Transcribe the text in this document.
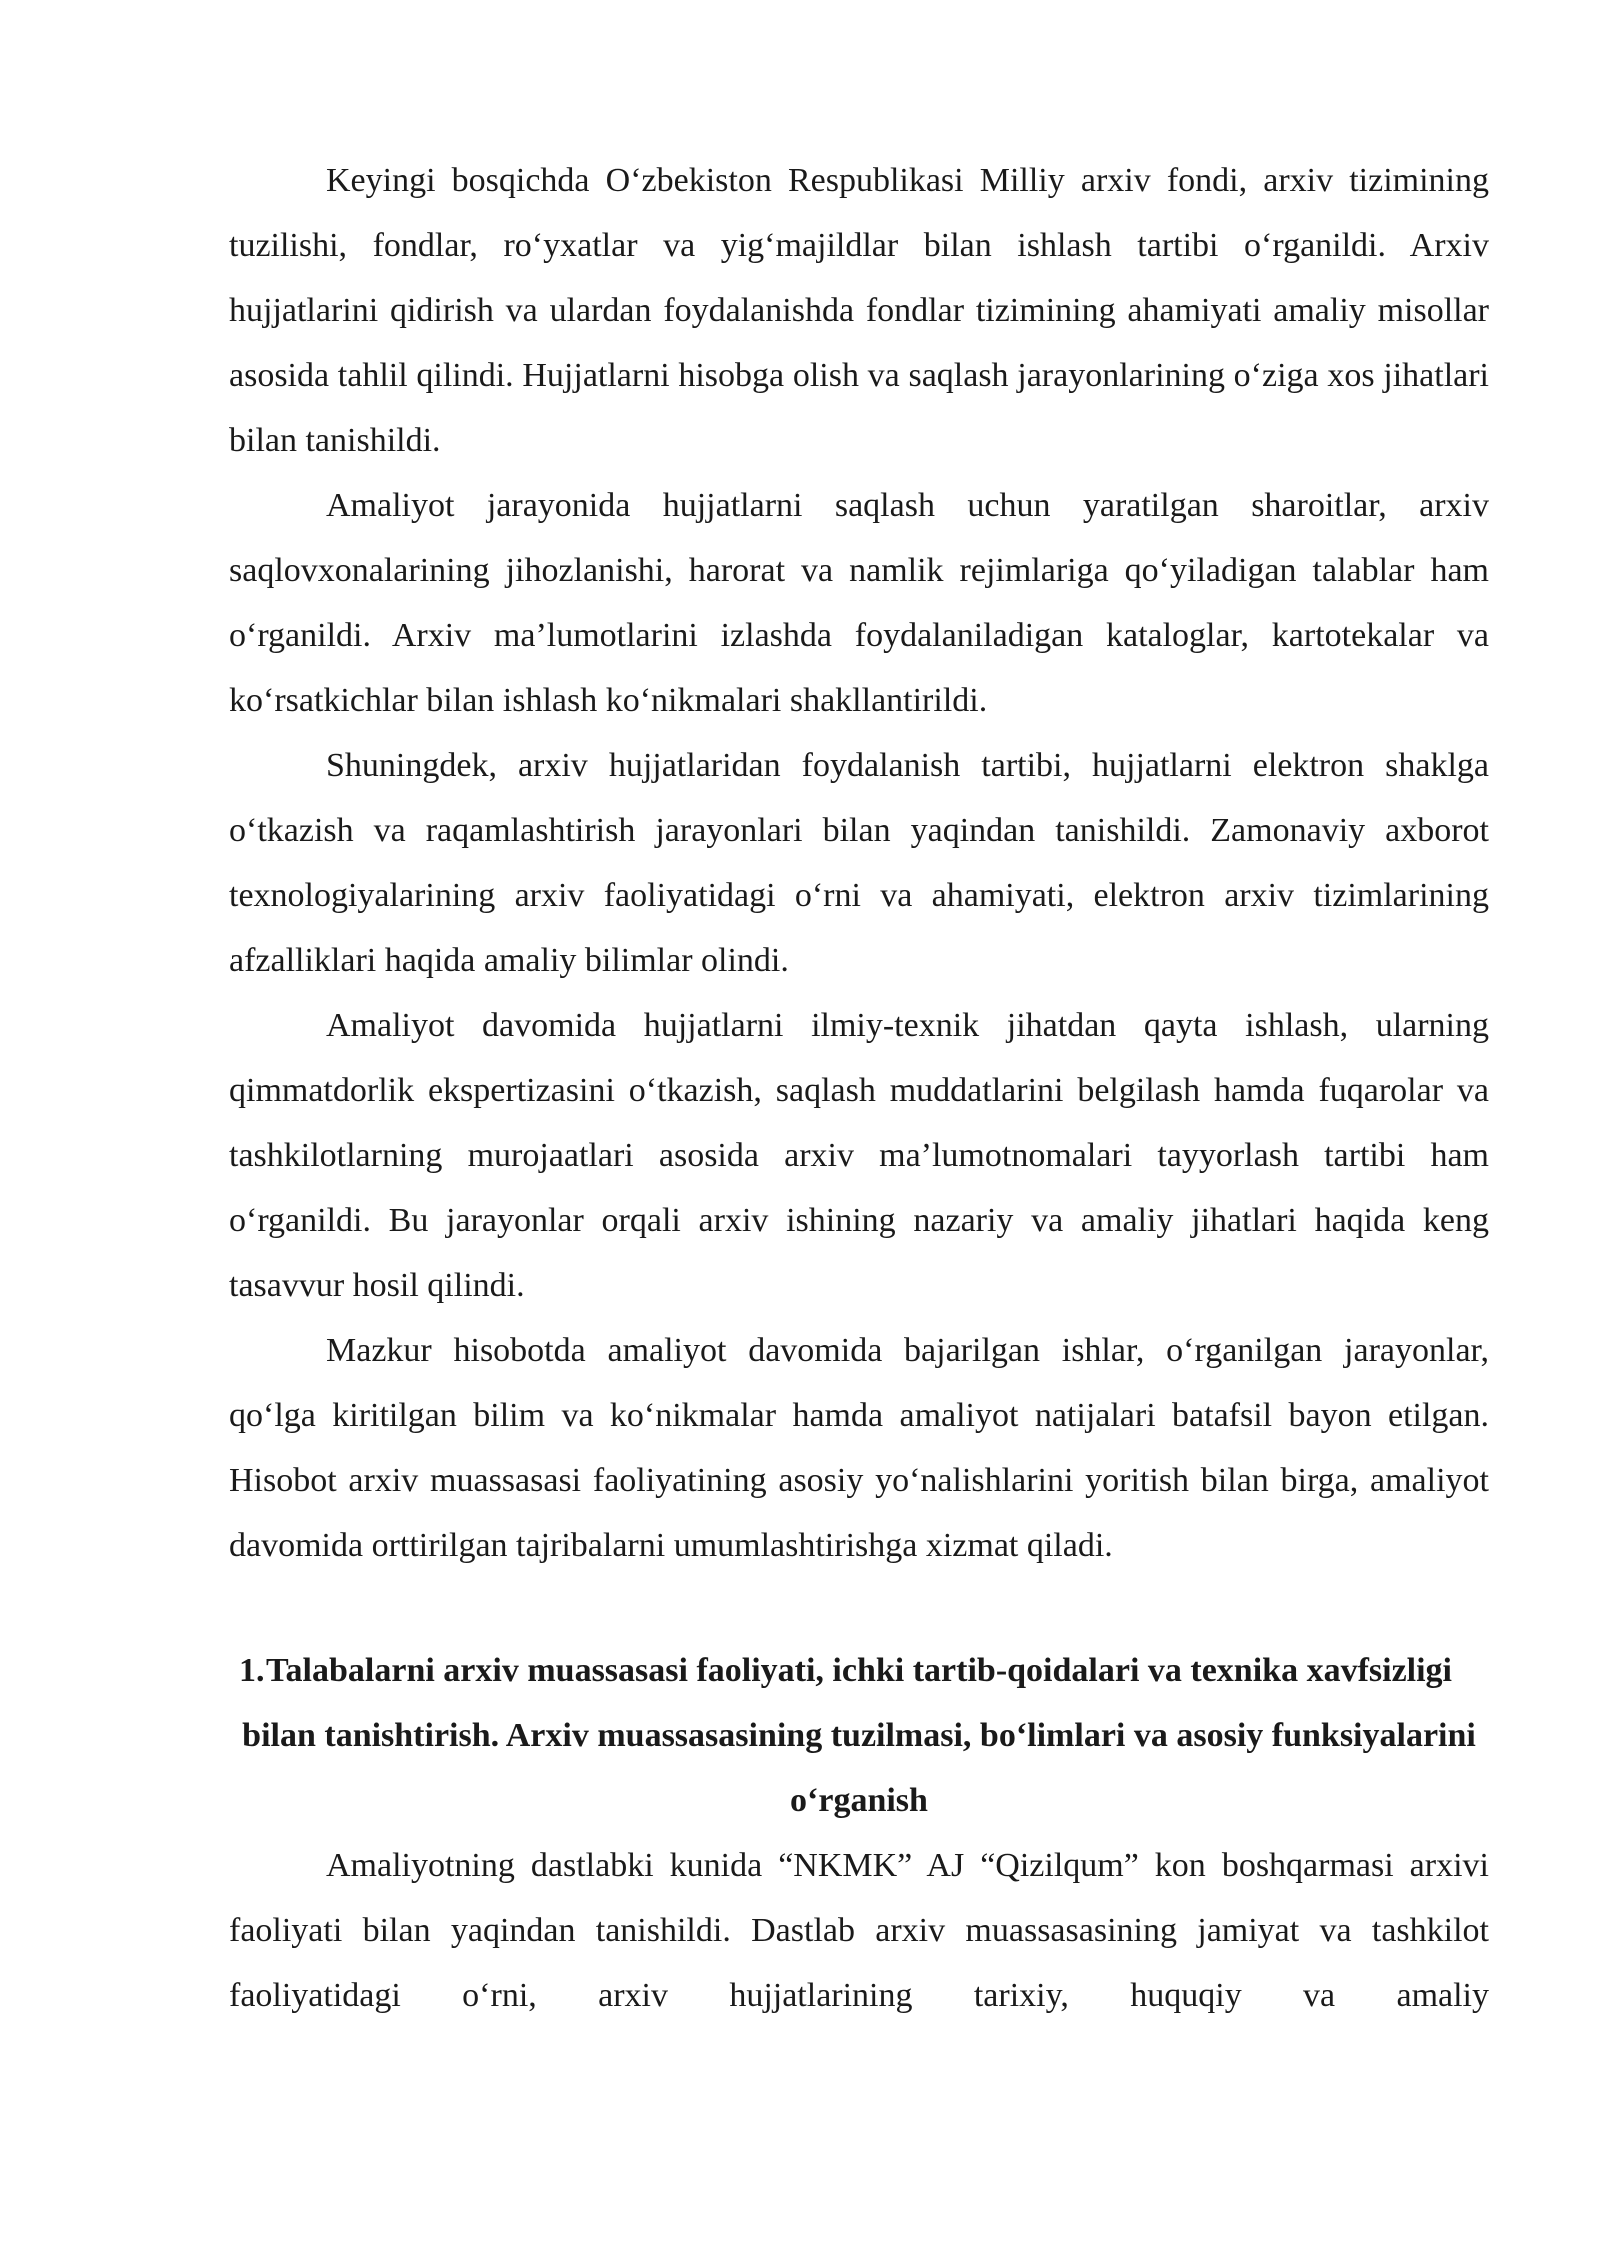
Keyingi bosqichda O‘zbekiston Respublikasi Milliy arxiv fondi, arxiv tizimining tuzilishi, fondlar, ro‘yxatlar va yig‘majildlar bilan ishlash tartibi o‘rganildi. Arxiv hujjatlarini qidirish va ulardan foydalanishda fondlar tizimining ahamiyati amaliy misollar asosida tahlil qilindi. Hujjatlarni hisobga olish va saqlash jarayonlarining o‘ziga xos jihatlari bilan tanishildi.

Amaliyot jarayonida hujjatlarni saqlash uchun yaratilgan sharoitlar, arxiv saqlovxonalarining jihozlanishi, harorat va namlik rejimlariga qo‘yiladigan talablar ham o‘rganildi. Arxiv ma’lumotlarini izlashda foydalaniladigan kataloglar, kartotekalar va ko‘rsatkichlar bilan ishlash ko‘nikmalari shakllantirildi.

Shuningdek, arxiv hujjatlaridan foydalanish tartibi, hujjatlarni elektron shaklga o‘tkazish va raqamlashtirish jarayonlari bilan yaqindan tanishildi. Zamonaviy axborot texnologiyalarining arxiv faoliyatidagi o‘rni va ahamiyati, elektron arxiv tizimlarining afzalliklari haqida amaliy bilimlar olindi.

Amaliyot davomida hujjatlarni ilmiy-texnik jihatdan qayta ishlash, ularning qimmatdorlik ekspertizasini o‘tkazish, saqlash muddatlarini belgilash hamda fuqarolar va tashkilotlarning murojaatlari asosida arxiv ma’lumotnomalari tayyorlash tartibi ham o‘rganildi. Bu jarayonlar orqali arxiv ishining nazariy va amaliy jihatlari haqida keng tasavvur hosil qilindi.

Mazkur hisobotda amaliyot davomida bajarilgan ishlar, o‘rganilgan jarayonlar, qo‘lga kiritilgan bilim va ko‘nikmalar hamda amaliyot natijalari batafsil bayon etilgan. Hisobot arxiv muassasasi faoliyatining asosiy yo‘nalishlarini yoritish bilan birga, amaliyot davomida orttirilgan tajribalarni umumlashtirishga xizmat qiladi.

1. Talabalarni arxiv muassasasi faoliyati, ichki tartib-qoidalari va texnika xavfsizligi bilan tanishtirish. Arxiv muassasasining tuzilmasi, bo‘limlari va asosiy funksiyalarini o‘rganish

Amaliyotning dastlabki kunida “NKMK” AJ “Qizilqum” kon boshqarmasi arxivi faoliyati bilan yaqindan tanishildi. Dastlab arxiv muassasasining jamiyat va tashkilot faoliyatidagi o‘rni, arxiv hujjatlarining tarixiy, huquqiy va amaliy
